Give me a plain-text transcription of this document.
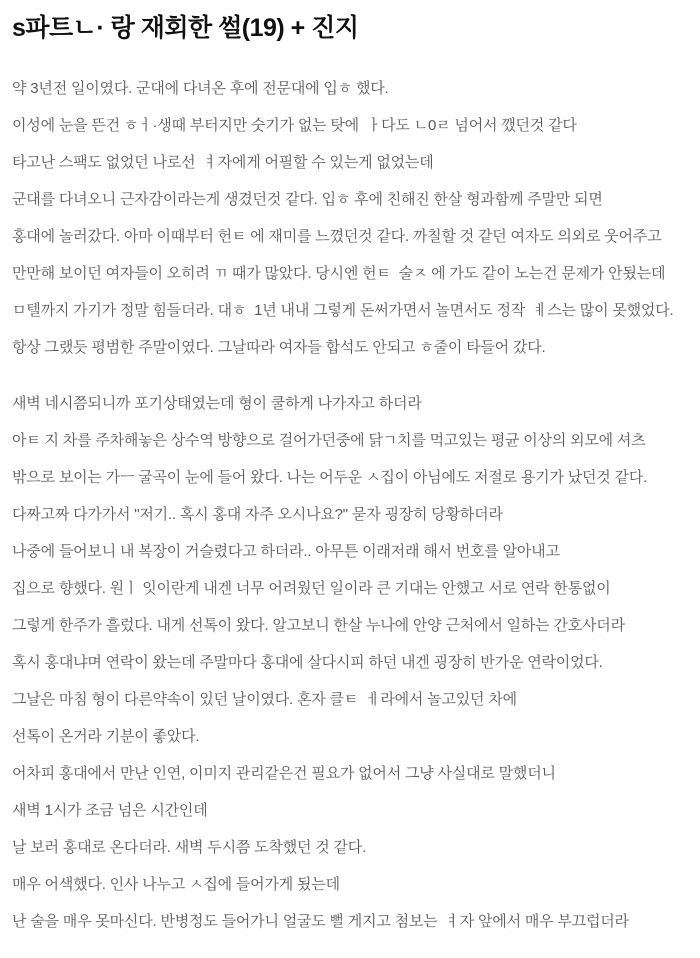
s파트ㄴ· 랑 재회한 썰(19) + 진지

약 3년전 일이였다. 군대에 다녀온 후에 전문대에 입ㅎ 했다.

이성에 눈을 뜬건 ㅎㅓ·생때 부터지만 숫기가 없는 탓에  ㅏ다도 ㄴ0ㄹ 넘어서 깼던것 같다

타고난 스팩도 없었던 나로선  ㅕ자에게 어필할 수 있는게 없었는데

군대를 다녀오니 근자감이라는게 생겼던것 같다. 입ㅎ 후에 친해진 한살 형과함께 주말만 되면

홍대에 놀러갔다. 아마 이때부터 헌ㅌ 에 재미를 느꼈던것 같다. 까칠할 것 같던 여자도 의외로 웃어주고

만만해 보이던 여자들이 오히려 ㄲ 때가 많았다. 당시엔 헌ㅌ  술ㅈ 에 가도 같이 노는건 문제가 안됬는데

ㅁ텔까지 가기가 정말 힘들더라. 대ㅎ  1년 내내 그렇게 돈써가면서 놀면서도 정작  ㅖ스는 많이 못했었다.

항상 그랬듯 평범한 주말이였다. 그날따라 여자들 합석도 안되고 ㅎ줄이 타들어 갔다.

새벽 네시쯤되니까 포기상태였는데 형이 쿨하게 나가자고 하더라

아ㅌ 지 차를 주차해놓은 상수역 방향으로 걸어가던중에 닭ㄱ치를 먹고있는 평균 이상의 외모에 셔츠

밖으로 보이는 가ㅡ 굴곡이 눈에 들어 왔다. 나는 어두운 ㅅ집이 아님에도 저절로 용기가 났던것 같다.

다짜고짜 다가가서 "저기.. 혹시 홍대 자주 오시나요?" 묻자 굉장히 당황하더라

나중에 들어보니 내 복장이 거슬렸다고 하더라.. 아무튼 이래저래 해서 번호를 알아내고

집으로 향했다. 원ㅣ 잇이란게 내겐 너무 어려웠던 일이라 큰 기대는 안했고 서로 연락 한통없이

그렇게 한주가 흘렀다. 내게 선톡이 왔다. 알고보니 한살 누나에 안양 근처에서 일하는 간호사더라

혹시 홍대냐며 연락이 왔는데 주말마다 홍대에 살다시피 하던 내겐 굉장히 반가운 연락이었다.

그날은 마침 형이 다른약속이 있던 날이였다. 혼자 클ㅌ  ㅔ라에서 놀고있던 차에

선톡이 온거라 기분이 좋았다.

어차피 홍대에서 만난 인연, 이미지 관리같은건 필요가 없어서 그냥 사실대로 말했더니

새벽 1시가 조금 넘은 시간인데

날 보러 홍대로 온다더라. 새벽 두시쯤 도착했던 것 같다.

매우 어색했다. 인사 나누고 ㅅ집에 들어가게 됬는데

난 술을 매우 못마신다. 반병정도 들어가니 얼굴도 뻘 게지고 첨보는  ㅕ자 앞에서 매우 부끄럽더라
